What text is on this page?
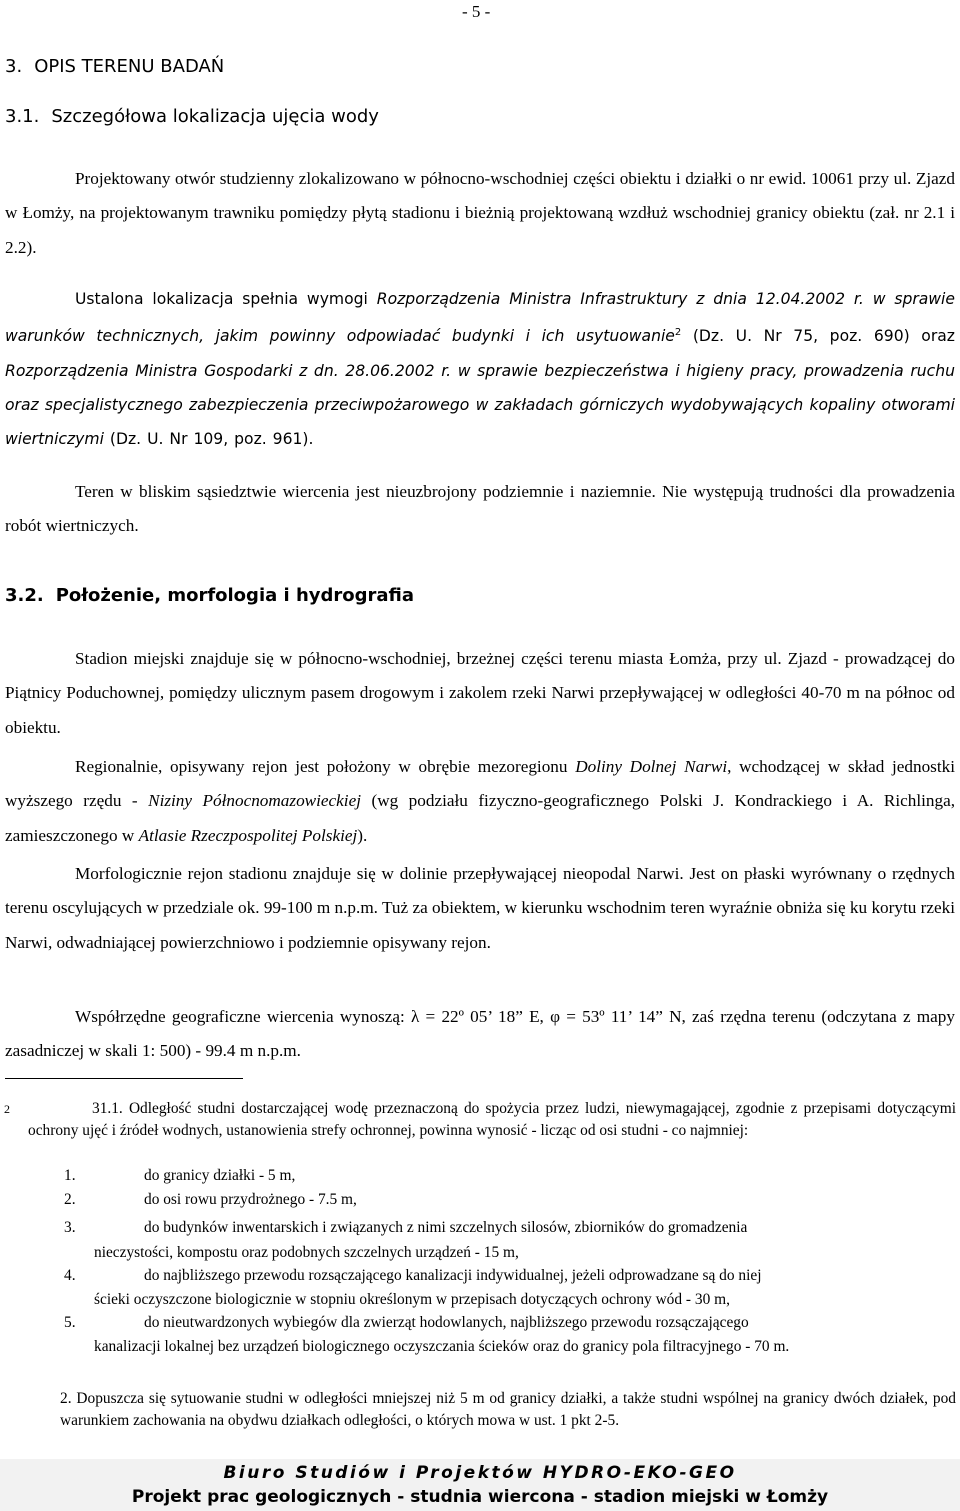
- 5 -
3. OPIS TERENU BADAŃ
3.1. Szczegółowa lokalizacja ujęcia wody
Projektowany otwór studzienny zlokalizowano w północno-wschodniej części obiektu i działki o nr ewid. 10061 przy ul. Zjazd w Łomży, na projektowanym trawniku pomiędzy płytą stadionu i bieżnią projektowaną wzdłuż wschodniej granicy obiektu (zał. nr 2.1 i 2.2).
Ustalona lokalizacja spełnia wymogi Rozporządzenia Ministra Infrastruktury z dnia 12.04.2002 r. w sprawie warunków technicznych, jakim powinny odpowiadać budynki i ich usytuowanie$^2$ (Dz. U. Nr 75, poz. 690) oraz Rozporządzenia Ministra Gospodarki z dn. 28.06.2002 r. w sprawie bezpieczeństwa i higieny pracy, prowadzenia ruchu oraz specjalistycznego zabezpieczenia przeciwpożarowego w zakładach górniczych wydobywających kopaliny otworami wiertniczymi (Dz. U. Nr 109, poz. 961).
Teren w bliskim sąsiedztwie wiercenia jest nieuzbrojony podziemnie i naziemnie. Nie występują trudności dla prowadzenia robót wiertniczych.
3.2. Położenie, morfologia i hydrografia
Stadion miejski znajduje się w północno-wschodniej, brzeżnej części terenu miasta Łomża, przy ul. Zjazd - prowadzącej do Piątnicy Poduchownej, pomiędzy ulicznym pasem drogowym i zakolem rzeki Narwi przepływającej w odległości 40-70 m na północ od obiektu.
Regionalnie, opisywany rejon jest położony w obrębie mezoregionu Doliny Dolnej Narwi, wchodzącej w skład jednostki wyższego rzędu - Niziny Północnomazowieckiej (wg podziału fizyczno-geograficznego Polski J. Kondrackiego i A. Richlinga, zamieszczonego w Atlasie Rzeczpospolitej Polskiej).
Morfologicznie rejon stadionu znajduje się w dolinie przepływającej nieopodal Narwi. Jest on płaski wyrównany o rzędnych terenu oscylujących w przedziale ok. 99-100 m n.p.m. Tuż za obiektem, w kierunku wschodnim teren wyraźnie obniża się ku korytu rzeki Narwi, odwadniającej powierzchniowo i podziemnie opisywany rejon.
Współrzędne geograficzne wiercenia wynoszą: λ = 22º 05’ 18” E, φ = 53º 11’ 14” N, zaś rzędna terenu (odczytana z mapy zasadniczej w skali 1: 500) - 99.4 m n.p.m.
2	31.1. Odległość studni dostarczającej wodę przeznaczoną do spożycia przez ludzi, niewymagającej, zgodnie z przepisami dotyczącymi ochrony ujęć i źródeł wodnych, ustanowienia strefy ochronnej, powinna wynosić - licząc od osi studni - co najmniej:
1.	do granicy działki - 5 m,
2.	do osi rowu przydrożnego - 7.5 m,
3.	do budynków inwentarskich i związanych z nimi szczelnych silosów, zbiorników do gromadzenia
nieczystości, kompostu oraz podobnych szczelnych urządzeń - 15 m,
4.	do najbliższego przewodu rozsączającego kanalizacji indywidualnej, jeżeli odprowadzane są do niej
ścieki oczyszczone biologicznie w stopniu określonym w przepisach dotyczących ochrony wód - 30 m,
5.	do nieutwardzonych wybiegów dla zwierząt hodowlanych, najbliższego przewodu rozsączającego
kanalizacji lokalnej bez urządzeń biologicznego oczyszczania ścieków oraz do granicy pola filtracyjnego - 70 m.
2. Dopuszcza się sytuowanie studni w odległości mniejszej niż 5 m od granicy działki, a także studni wspólnej na granicy dwóch działek, pod warunkiem zachowania na obydwu działkach odległości, o których mowa w ust. 1 pkt 2-5.
Biuro Studiów i Projektów HYDRO-EKO-GEO
Projekt prac geologicznych - studnia wiercona - stadion miejski w Łomży
